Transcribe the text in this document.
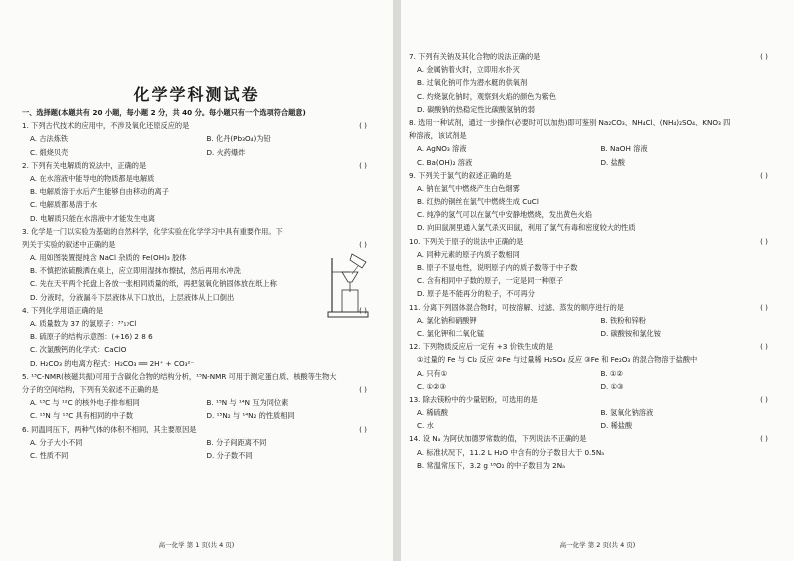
化学学科测试卷
一、选择题(本题共有 20 小题，每小题 2 分，共 40 分。每小题只有一个选项符合题意)
1. 下列古代技术的应用中，不涉及氧化还原反应的是	( )
A. 古法炼铁	B. 化丹(Pb₃O₄)为铅
C. 煅烧贝壳	D. 火药爆炸
2. 下列有关电解质的说法中，正确的是	( )
A. 在水溶液中能导电的物质都是电解质
B. 电解质溶于水后产生能够自由移动的离子
C. 电解质都易溶于水
D. 电解质只能在水溶液中才能发生电离
3. 化学是一门以实验为基础的自然科学，化学实验在化学学习中具有重要作用。下
列关于实验的叙述中正确的是	( )
A. 用如图装置提纯含 NaCl 杂质的 Fe(OH)₃ 胶体
B. 不慎把浓硫酸洒在桌上，应立即用湿抹布擦拭，然后再用水冲洗
C. 先在天平两个托盘上各放一张相同质量的纸，再把氢氧化钠固体放在纸上称
D. 分液时，分液漏斗下层液体从下口放出，上层液体从上口倒出
4. 下列化学用语正确的是	( )
A. 质量数为 37 的氯原子：³⁷₁₇Cl
B. 硫原子的结构示意图：(+16) 2 8 6
C. 次氯酸钙的化学式：CaClO
D. H₂CO₃ 的电离方程式：H₂CO₃ ══ 2H⁺ + CO₃²⁻
5. ¹³C-NMR(核磁共振)可用于含碳化合物的结构分析，¹⁵N-NMR 可用于测定蛋白质、核酸等生物大
分子的空间结构，下列有关叙述不正确的是	( )
A. ¹³C 与 ¹²C 的核外电子排布相同	B. ¹⁵N 与 ¹⁴N 互为同位素
C. ¹⁵N 与 ¹³C 具有相同的中子数	D. ¹⁵N₂ 与 ¹⁴N₂ 的性质相同
6. 同温同压下，两种气体的体积不相同，其主要原因是	( )
A. 分子大小不同	B. 分子间距离不同
C. 性质不同	D. 分子数不同
高一化学 第 1 页(共 4 页)
7. 下列有关钠及其化合物的说法正确的是	( )
A. 金属钠着火时，立即用水扑灭
B. 过氧化钠可作为潜水艇的供氧剂
C. 灼烧氯化钠时，观察到火焰的颜色为紫色
D. 碳酸钠的热稳定性比碳酸氢钠的弱
8. 选用一种试剂，通过一步操作(必要时可以加热)即可鉴别 Na₂CO₃、NH₄Cl、(NH₄)₂SO₄、KNO₃ 四
种溶液，该试剂是
A. AgNO₃ 溶液	B. NaOH 溶液
C. Ba(OH)₂ 溶液	D. 盐酸
9. 下列关于氯气的叙述正确的是	( )
A. 钠在氯气中燃烧产生白色烟雾
B. 红热的铜丝在氯气中燃烧生成 CuCl
C. 纯净的氢气可以在氯气中安静地燃烧，发出黄色火焰
D. 向田鼠洞里通入氯气杀灭田鼠，利用了氯气有毒和密度较大的性质
10. 下列关于原子的说法中正确的是	( )
A. 同种元素的原子内质子数相同
B. 原子不显电性，说明原子内的质子数等于中子数
C. 含有相同中子数的原子，一定是同一种原子
D. 原子是不能再分的粒子，不可再分
11. 分离下列固体混合物时，可按溶解、过滤、蒸发的顺序进行的是	( )
A. 氯化钠和硝酸钾	B. 铁粉和锌粉
C. 氯化钾和二氧化锰	D. 碳酸铵和氯化铵
12. 下列物质反应后一定有 +3 价铁生成的是	( )
①过量的 Fe 与 Cl₂ 反应 ②Fe 与过量稀 H₂SO₄ 反应 ③Fe 和 Fe₂O₃ 的混合物溶于盐酸中
A. 只有①	B. ①②
C. ①②③	D. ①③
13. 除去镁粉中的少量铝粉，可选用的是	( )
A. 稀硫酸	B. 氢氧化钠溶液
C. 水	D. 稀盐酸
14. 设 Nₐ 为阿伏加德罗常数的值，下列说法不正确的是	( )
A. 标准状况下，11.2 L H₂O 中含有的分子数目大于 0.5Nₐ
B. 常温常压下，3.2 g ¹⁸O₂ 的中子数目为 2Nₐ
高一化学 第 2 页(共 4 页)
